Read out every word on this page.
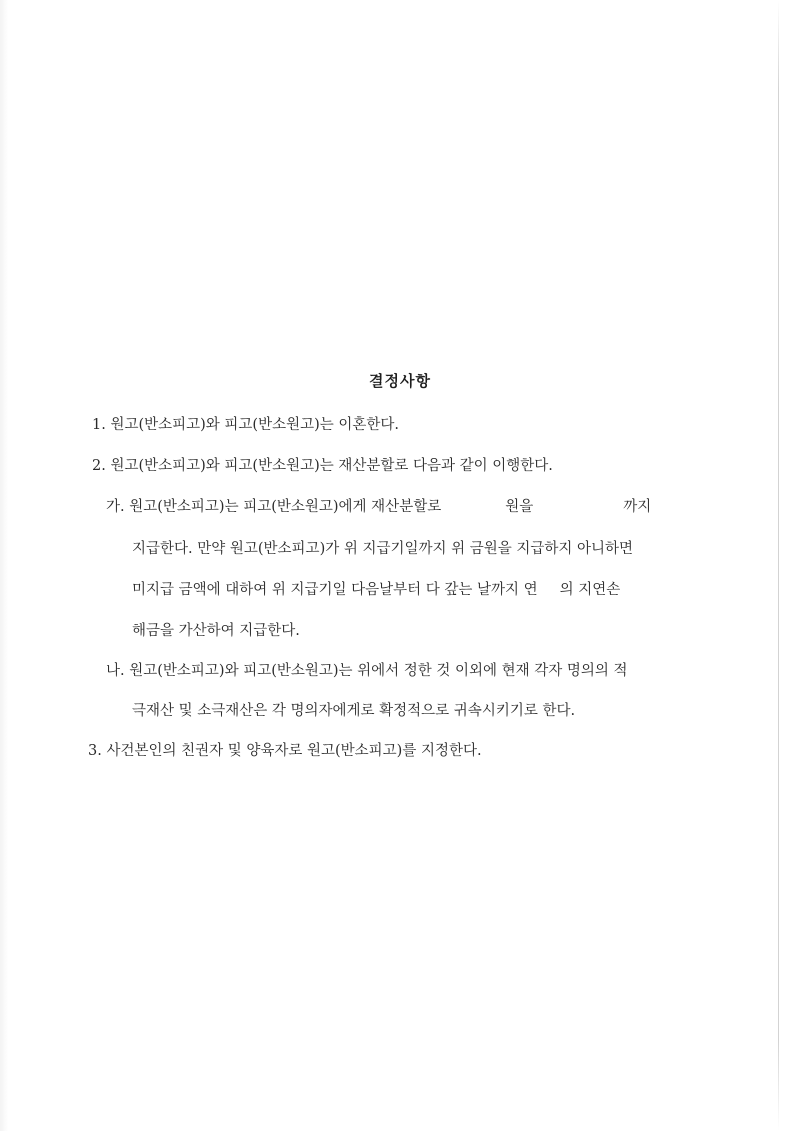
결정사항

1. 원고(반소피고)와 피고(반소원고)는 이혼한다.

2. 원고(반소피고)와 피고(반소원고)는 재산분할로 다음과 같이 이행한다.

가. 원고(반소피고)는 피고(반소원고)에게 재산분할로	원을	까지

지급한다. 만약 원고(반소피고)가 위 지급기일까지 위 금원을 지급하지 아니하면

미지급 금액에 대하여 위 지급기일 다음날부터 다 갚는 날까지 연 의 지연손

해금을 가산하여 지급한다.

나. 원고(반소피고)와 피고(반소원고)는 위에서 정한 것 이외에 현재 각자 명의의 적

극재산 및 소극재산은 각 명의자에게로 확정적으로 귀속시키기로 한다.

3. 사건본인의 친권자 및 양육자로 원고(반소피고)를 지정한다.
